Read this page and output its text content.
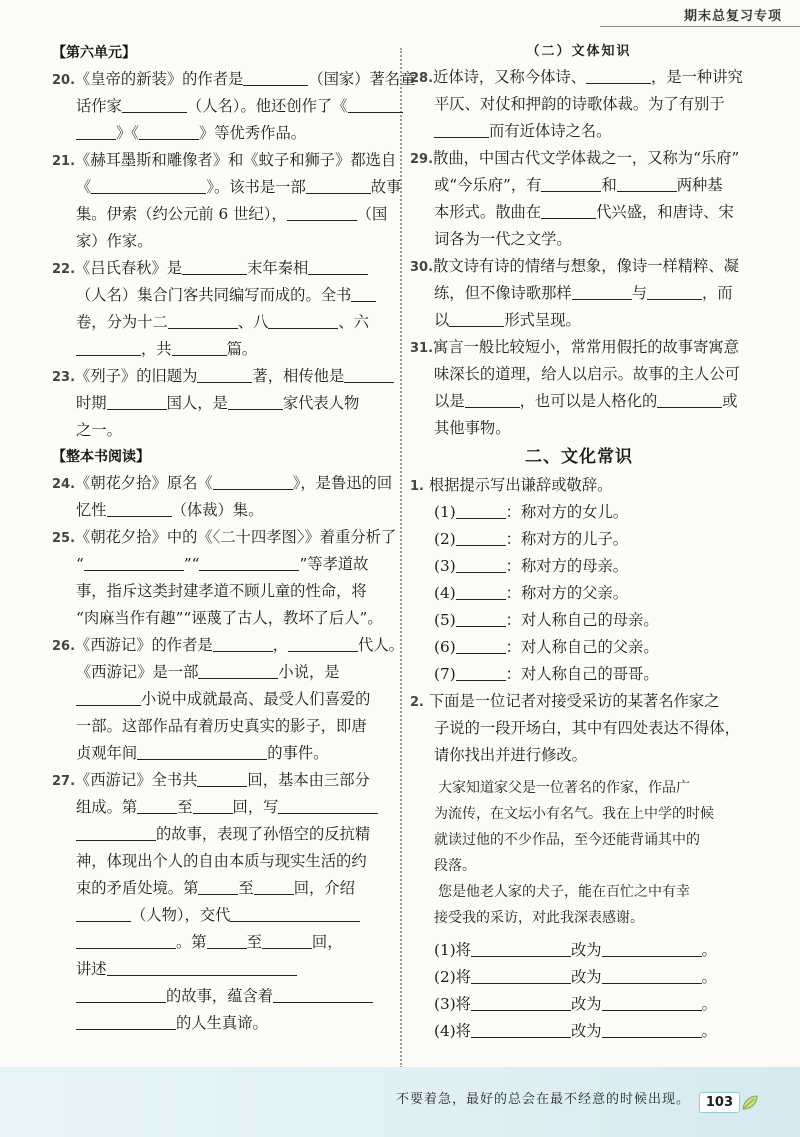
期末总复习专项
【第六单元】
20.《皇帝的新装》的作者是	（国家）著名童
话作家	（人名）。他还创作了《
》《	》等优秀作品。
21.《赫耳墨斯和雕像者》和《蚊子和狮子》都选自
《	》。该书是一部	故事
集。伊索（约公元前 6 世纪），	（国
家）作家。
22.《吕氏春秋》是	末年秦相
（人名）集合门客共同编写而成的。全书
卷，分为十二	、八	、六
，共	篇。
23.《列子》的旧题为	著，相传他是
时期	国人，是	家代表人物
之一。
【整本书阅读】
24.《朝花夕拾》原名《	》，是鲁迅的回
忆性	（体裁）集。
25.《朝花夕拾》中的《〈二十四孝图〉》着重分析了
“	”“	”等孝道故
事，指斥这类封建孝道不顾儿童的性命，将
“肉麻当作有趣”“诬蔑了古人，教坏了后人”。
26.《西游记》的作者是	，	代人。
《西游记》是一部	小说，是
小说中成就最高、最受人们喜爱的
一部。这部作品有着历史真实的影子，即唐
贞观年间	的事件。
27.《西游记》全书共	回，基本由三部分
组成。第	至	回，写
的故事，表现了孙悟空的反抗精
神，体现出个人的自由本质与现实生活的约
束的矛盾处境。第	至	回，介绍
（人物），交代
。第	至	回，
讲述
的故事，蕴含着
的人生真谛。
（二）文体知识
28.近体诗，又称今体诗、	，是一种讲究
平仄、对仗和押韵的诗歌体裁。为了有别于
而有近体诗之名。
29.散曲，中国古代文学体裁之一，又称为“乐府”
或“今乐府”，有	和	两种基
本形式。散曲在	代兴盛，和唐诗、宋
词各为一代之文学。
30.散文诗有诗的情绪与想象，像诗一样精粹、凝
练，但不像诗歌那样	与	，而
以	形式呈现。
31.寓言一般比较短小，常常用假托的故事寄寓意
味深长的道理，给人以启示。故事的主人公可
以是	，也可以是人格化的	或
其他事物。
二、文化常识
1. 根据提示写出谦辞或敬辞。
(1)	：称对方的女儿。
(2)	：称对方的儿子。
(3)	：称对方的母亲。
(4)	：称对方的父亲。
(5)	：对人称自己的母亲。
(6)	：对人称自己的父亲。
(7)	：对人称自己的哥哥。
2. 下面是一位记者对接受采访的某著名作家之
子说的一段开场白，其中有四处表达不得体，
请你找出并进行修改。
大家知道家父是一位著名的作家，作品广
为流传，在文坛小有名气。我在上中学的时候
就读过他的不少作品，至今还能背诵其中的
段落。
您是他老人家的犬子，能在百忙之中有幸
接受我的采访，对此我深表感谢。
(1)将	改为	。
(2)将	改为	。
(3)将	改为	。
(4)将	改为	。
不要着急，最好的总会在最不经意的时候出现。	103
